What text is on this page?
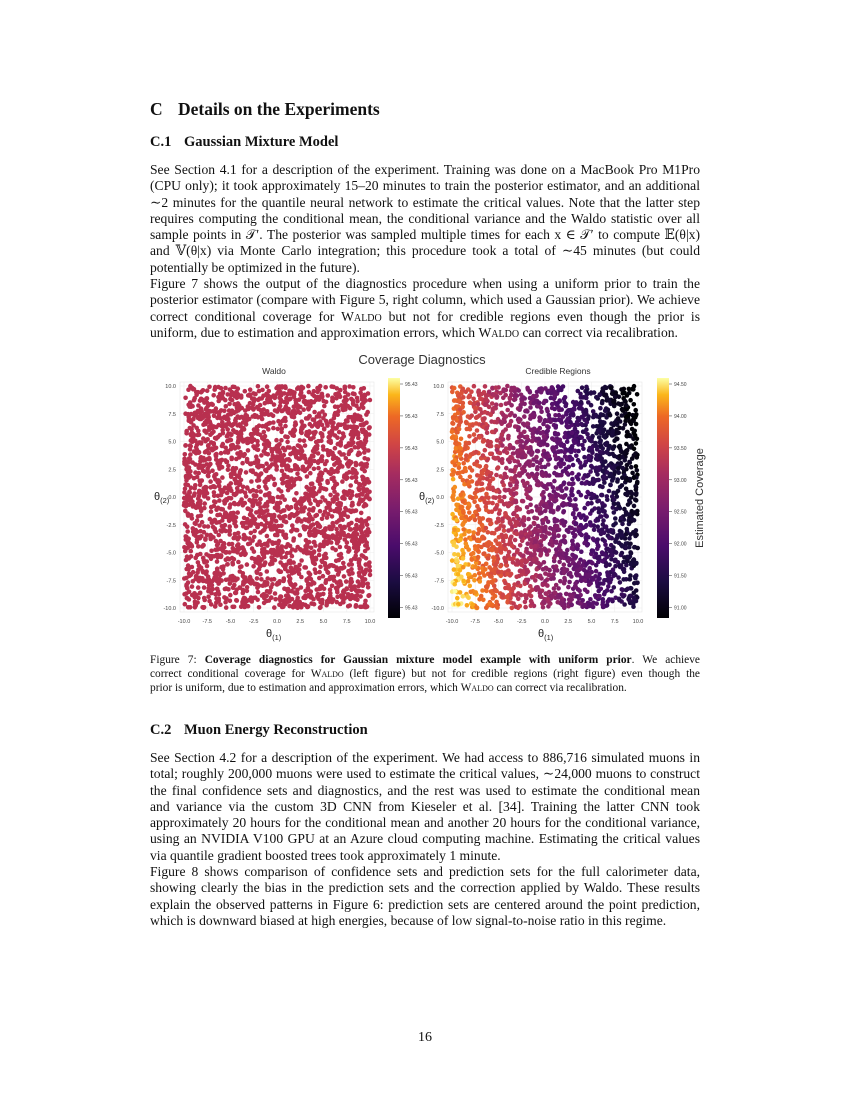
C Details on the Experiments
C.1 Gaussian Mixture Model

See Section 4.1 for a description of the experiment. Training was done on a MacBook Pro M1Pro
(CPU only); it took approximately 15–20 minutes to train the posterior estimator, and an additional
∼2 minutes for the quantile neural network to estimate the critical values. Note that the latter step
requires computing the conditional mean, the conditional variance and the Waldo statistic over all
sample points in 𝒯′. The posterior was sampled multiple times for each x ∈ 𝒯′ to compute 𝔼(θ|x)
and 𝕍(θ|x) via Monte Carlo integration; this procedure took a total of ∼45 minutes (but could
potentially be optimized in the future).

Figure 7 shows the output of the diagnostics procedure when using a uniform prior to train the
posterior estimator (compare with Figure 5, right column, which used a Gaussian prior). We achieve
correct conditional coverage for Waldo but not for credible regions even though the prior is
uniform, due to estimation and approximation errors, which Waldo can correct via recalibration.

Coverage Diagnostics
Waldo	Credible Regions
-10.0 -7.5	-5.0	-2.5	0.0	2.5	5.0	7.5	10.0
10.0
7.5
5.0
2.5
0.0
-2.5
-5.0
-7.5
-10.0
-10.0 -7.5	-5.0	-2.5	0.0	2.5	5.0	7.5	10.0
10.0
7.5
5.0
2.5
0.0
-2.5
-5.0
-7.5
-10.0
95.43
95.43
95.43
95.43
95.43
95.43
95.43
95.43
94.50
94.00
93.50
93.00
92.50
92.00
91.50
91.00
Estimated Coverage
$\theta_{(2)}$	$\theta_{(2)}$
$\theta_{(1)}$	$\theta_{(1)}$

Figure 7: Coverage diagnostics for Gaussian mixture model example with uniform prior. We achieve
correct conditional coverage for Waldo (left figure) but not for credible regions (right figure) even though the
prior is uniform, due to estimation and approximation errors, which Waldo can correct via recalibration.

C.2 Muon Energy Reconstruction

See Section 4.2 for a description of the experiment. We had access to 886,716 simulated muons in
total; roughly 200,000 muons were used to estimate the critical values, ∼24,000 muons to construct
the final confidence sets and diagnostics, and the rest was used to estimate the conditional mean
and variance via the custom 3D CNN from Kieseler et al. [34]. Training the latter CNN took
approximately 20 hours for the conditional mean and another 20 hours for the conditional variance,
using an NVIDIA V100 GPU at an Azure cloud computing machine. Estimating the critical values
via quantile gradient boosted trees took approximately 1 minute.

Figure 8 shows comparison of confidence sets and prediction sets for the full calorimeter data,
showing clearly the bias in the prediction sets and the correction applied by Waldo. These results
explain the observed patterns in Figure 6: prediction sets are centered around the point prediction,
which is downward biased at high energies, because of low signal-to-noise ratio in this regime.

16
